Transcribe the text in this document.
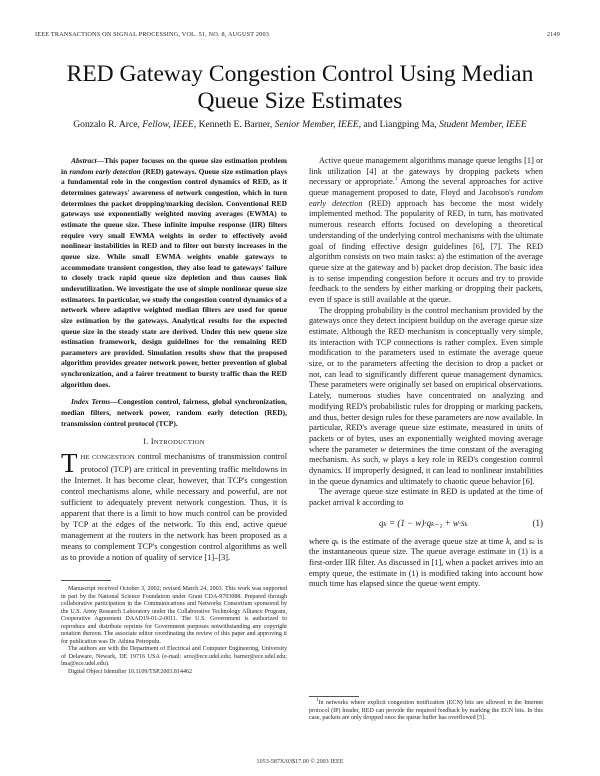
IEEE TRANSACTIONS ON SIGNAL PROCESSING, VOL. 51, NO. 8, AUGUST 2003	2149
RED Gateway Congestion Control Using Median
Queue Size Estimates
Gonzalo R. Arce, Fellow, IEEE, Kenneth E. Barner, Senior Member, IEEE, and Liangping Ma, Student Member, IEEE

Abstract—This paper focuses on the queue size estimation problem in random early detection (RED) gateways. Queue size estimation plays a fundamental role in the congestion control dynamics of RED, as it determines gateways' awareness of network congestion, which in turn determines the packet dropping/marking decision. Conventional RED gateways use exponentially weighted moving averages (EWMA) to estimate the queue size. These infinite impulse response (IIR) filters require very small EWMA weights in order to effectively avoid nonlinear instabilities in RED and to filter out bursty increases in the queue size. While small EWMA weights enable gateways to accommodate transient congestion, they also lead to gateways' failure to closely track rapid queue size depletion and thus causes link underutilization. We investigate the use of simple nonlinear queue size estimators. In particular, we study the congestion control dynamics of a network where adaptive weighted median filters are used for queue size estimation by the gateways. Analytical results for the expected queue size in the steady state are derived. Under this new queue size estimation framework, design guidelines for the remaining RED parameters are provided. Simulation results show that the proposed algorithm provides greater network power, better prevention of global synchronization, and a fairer treatment to bursty traffic than the RED algorithm does.

Index Terms—Congestion control, fairness, global synchronization, median filters, network power, random early detection (RED), transmission control protocol (TCP).

I. INTRODUCTION

THE CONGESTION control mechanisms of transmission control protocol (TCP) are critical in preventing traffic meltdowns in the Internet. It has become clear, however, that TCP's congestion control mechanisms alone, while necessary and powerful, are not sufficient to adequately prevent network congestion. Thus, it is apparent that there is a limit to how much control can be provided by TCP at the edges of the network. To this end, active queue management at the routers in the network has been proposed as a means to complement TCP's congestion control algorithms as well as to provide a notion of quality of service [1]–[3].

Active queue management algorithms manage queue lengths [1] or link utilization [4] at the gateways by dropping packets when necessary or appropriate.$^1$ Among the several approaches for active queue management proposed to date, Floyd and Jacobson's random early detection (RED) approach has become the most widely implemented method. The popularity of RED, in turn, has motivated numerous research efforts focused on developing a theoretical understanding of the underlying control mechanisms with the ultimate goal of finding effective design guidelines [6], [7]. The RED algorithm consists on two main tasks: a) the estimation of the average queue size at the gateway and b) packet drop decision. The basic idea is to sense impending congestion before it occurs and try to provide feedback to the senders by either marking or dropping their packets, even if space is still available at the queue.

The dropping probability is the control mechanism provided by the gateways once they detect incipient buildup on the average queue size estimate. Although the RED mechanism is conceptually very simple, its interaction with TCP connections is rather complex. Even simple modification to the parameters used to estimate the average queue size, or to the parameters affecting the decision to drop a packet or not, can lead to significantly different queue management dynamics. These parameters were originally set based on empirical observations. Lately, numerous studies have concentrated on analyzing and modifying RED's probabilistic rules for dropping or marking packets, and thus, better design rules for these parameters are now available. In particular, RED's average queue size estimate, measured in units of packets or of bytes, uses an exponentially weighted moving average where the parameter w determines the time constant of the averaging mechanism. As such, w plays a key role in RED's congestion control dynamics. If improperly designed, it can lead to nonlinear instabilities in the queue dynamics and ultimately to chaotic queue behavior [6].

The average queue size estimate in RED is updated at the time of packet arrival k according to

qₖ = (1 − w)·qₖ₋₁ + w·sₖ	(1)

where qₖ is the estimate of the average queue size at time k, and sₖ is the instantaneous queue size. The queue average estimate in (1) is a first-order IIR filter. As discussed in [1], when a packet arrives into an empty queue, the estimate in (1) is modified taking into account how much time has elapsed since the queue went empty.

Manuscript received October 3, 2002; revised March 24, 2003. This work was supported in part by the National Science Foundation under Grant CDA-9703088. Prepared through collaborative participation in the Communications and Networks Consortium sponsored by the U.S. Army Research Laboratory under the Collaborative Technology Alliance Program, Cooperative Agreement DAAD19-01-2-0011. The U.S. Government is authorized to reproduce and distribute reprints for Government purposes notwithstanding any copyright notation thereon. The associate editor coordinating the review of this paper and approving it for publication was Dr. Athina Petropulu.

The authors are with the Department of Electrical and Computer Engineering, University of Delaware, Newark, DE 19716 USA (e-mail: arce@ece.udel.edu; barner@ece.udel.edu; lma@ece.udel.edu).

Digital Object Identifier 10.1109/TSP.2003.814462

$^1$In networks where explicit congestion notification (ECN) bits are allowed in the Internet protocol (IP) header, RED can provide the required feedback by marking the ECN bits. In this case, packets are only dropped once the queue buffer has overflowed [5].

1053-587X/03$17.00 © 2003 IEEE
